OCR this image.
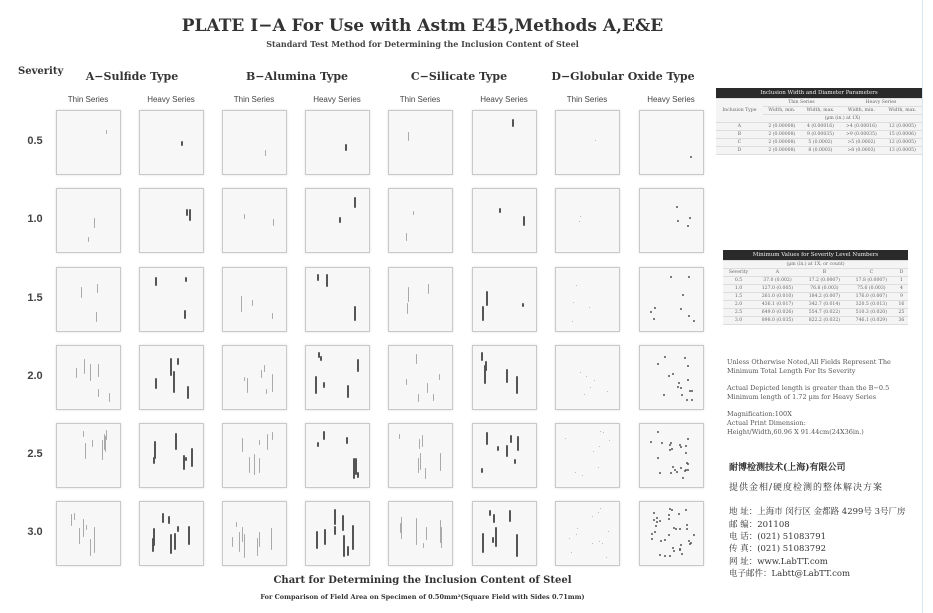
PLATE I−A For Use with Astm E45,Methods A,E&E
Standard Test Method for Determining the Inclusion Content of Steel
Severity	A−Sulfide Type	B−Alumina Type	C−Silicate Type	D−Globular Oxide Type
Thin Series	Heavy Series	Thin Series	Heavy Series	Thin Series	Heavy Series	Thin Series	Heavy Series
0.5
1.0
1.5
2.0
2.5
3.0
Inclusion Width and Diameter Parameters				
Inclusion Type	Thin Series		Heavy Series	
	Width, min.	Width, max.	Width, min.	Width, max.
	(µm (in.) at 1X)			
A	2 (0.00008)	4 (0.00016)	>4 (0.00016)	12 (0.0005)
B	2 (0.00008)	9 (0.00035)	>9 (0.00035)	15 (0.0006)
C	2 (0.00008)	5 (0.0002)	>5 (0.0002)	12 (0.0005)
D	2 (0.00008)	8 (0.0003)	>8 (0.0003)	13 (0.0005)
Minimum Values for Severity Level Numbers				
(µm (in.) at 1X, or count)				
Severity	A	B	C	D
0.5	37.0 (0.002)	17.2 (0.0007)	17.8 (0.0007)	1
1.0	127.0 (0.005)	76.8 (0.003)	75.6 (0.003)	4
1.5	261.0 (0.010)	184.2 (0.007)	176.0 (0.007)	9
2.0	436.1 (0.017)	342.7 (0.014)	320.5 (0.013)	16
2.5	649.0 (0.026)	554.7 (0.022)	510.3 (0.020)	25
3.0	898.0 (0.035)	822.2 (0.032)	746.1 (0.029)	36
Unless Otherwise Noted,All Fields Represent The
Minimum Total Length For Its Severity
Actual Depicted length is greater than the B−0.5
Minimum length of 1.72 µm for Heavy Series
Magnification:100X
Actual Print Dimension:
Height/Width,60.96 X 91.44cm(24X36in.)
耐博检测技术(上海)有限公司
提供金相/硬度检测的整体解决方案
地 址：上海市 闵行区 金都路 4299号 3号厂房
邮 编：201108
电 话：(021) 51083791
传 真：(021) 51083792
网 址：www.LabTT.com
电子邮件：Labtt@LabTT.com
Chart for Determining the Inclusion Content of Steel
For Comparison of Field Area on Specimen of 0.50mm²(Square Field with Sides 0.71mm)
